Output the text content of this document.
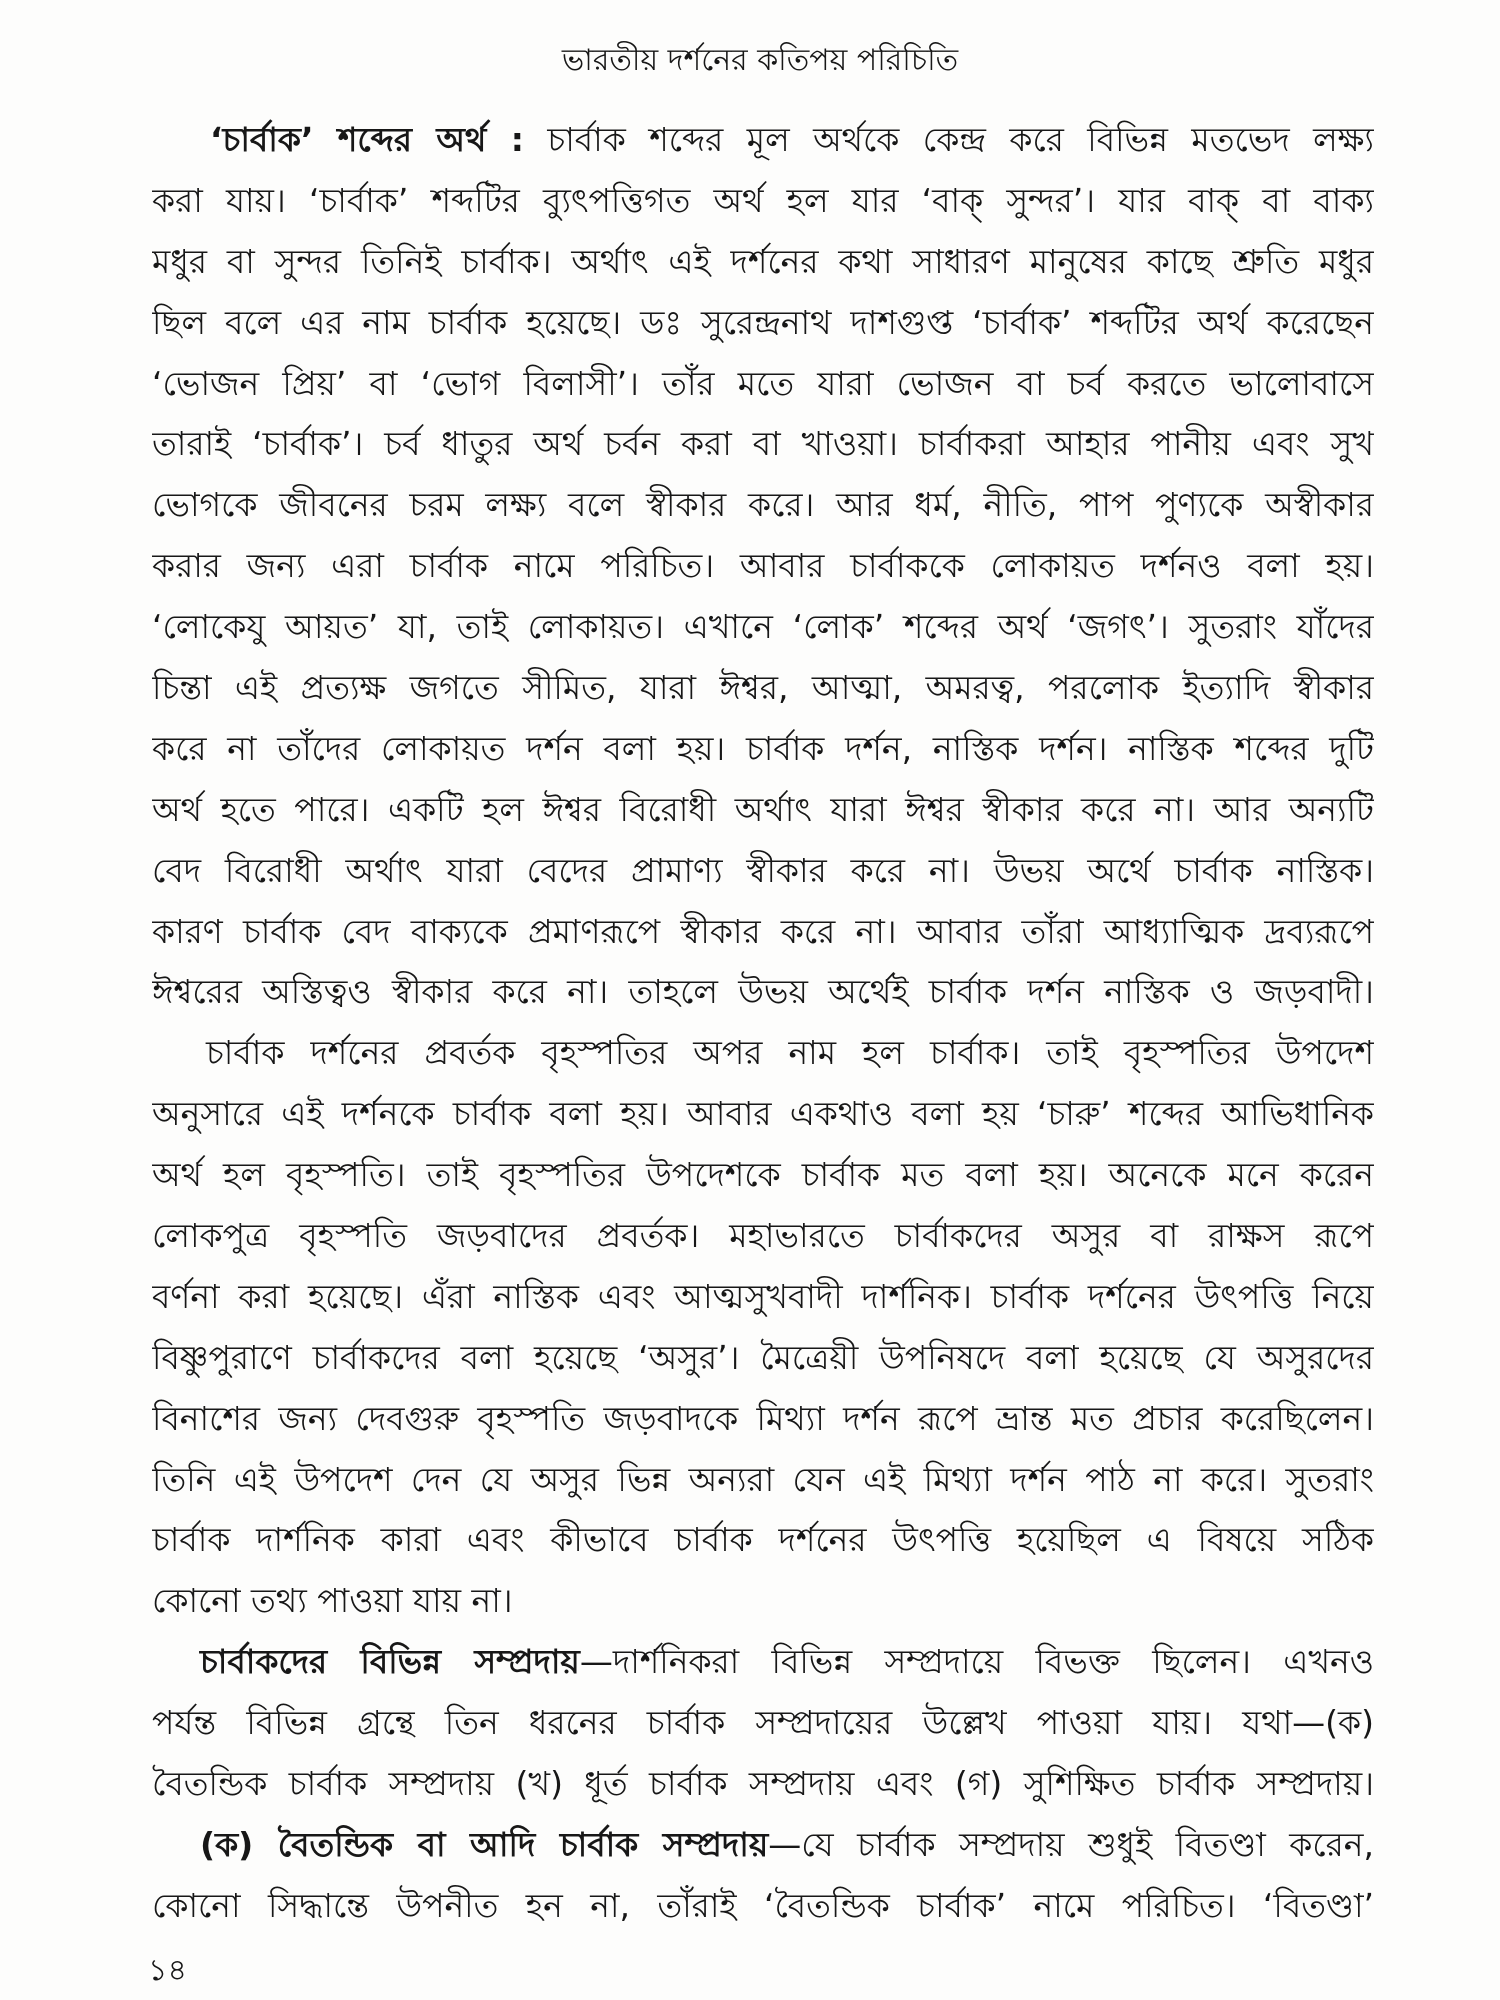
ভারতীয় দর্শনের কতিপয় পরিচিতি
‘চার্বাক’ শব্দের অর্থ : চার্বাক শব্দের মূল অর্থকে কেন্দ্র করে বিভিন্ন মতভেদ লক্ষ্য
করা যায়। ‘চার্বাক’ শব্দটির ব্যুৎপত্তিগত অর্থ হল যার ‘বাক্ সুন্দর’। যার বাক্ বা বাক্য
মধুর বা সুন্দর তিনিই চার্বাক। অর্থাৎ এই দর্শনের কথা সাধারণ মানুষের কাছে শ্রুতি মধুর
ছিল বলে এর নাম চার্বাক হয়েছে। ডঃ সুরেন্দ্রনাথ দাশগুপ্ত ‘চার্বাক’ শব্দটির অর্থ করেছেন
‘ভোজন প্রিয়’ বা ‘ভোগ বিলাসী’। তাঁর মতে যারা ভোজন বা চর্ব করতে ভালোবাসে
তারাই ‘চার্বাক’। চর্ব ধাতুর অর্থ চর্বন করা বা খাওয়া। চার্বাকরা আহার পানীয় এবং সুখ
ভোগকে জীবনের চরম লক্ষ্য বলে স্বীকার করে। আর ধর্ম, নীতি, পাপ পুণ্যকে অস্বীকার
করার জন্য এরা চার্বাক নামে পরিচিত। আবার চার্বাককে লোকায়ত দর্শনও বলা হয়।
‘লোকেযু আয়ত’ যা, তাই লোকায়ত। এখানে ‘লোক’ শব্দের অর্থ ‘জগৎ’। সুতরাং যাঁদের
চিন্তা এই প্রত্যক্ষ জগতে সীমিত, যারা ঈশ্বর, আত্মা, অমরত্ব, পরলোক ইত্যাদি স্বীকার
করে না তাঁদের লোকায়ত দর্শন বলা হয়। চার্বাক দর্শন, নাস্তিক দর্শন। নাস্তিক শব্দের দুটি
অর্থ হতে পারে। একটি হল ঈশ্বর বিরোধী অর্থাৎ যারা ঈশ্বর স্বীকার করে না। আর অন্যটি
বেদ বিরোধী অর্থাৎ যারা বেদের প্রামাণ্য স্বীকার করে না। উভয় অর্থে চার্বাক নাস্তিক।
কারণ চার্বাক বেদ বাক্যকে প্রমাণরূপে স্বীকার করে না। আবার তাঁরা আধ্যাত্মিক দ্রব্যরূপে
ঈশ্বরের অস্তিত্বও স্বীকার করে না। তাহলে উভয় অর্থেই চার্বাক দর্শন নাস্তিক ও জড়বাদী।
চার্বাক দর্শনের প্রবর্তক বৃহস্পতির অপর নাম হল চার্বাক। তাই বৃহস্পতির উপদেশ
অনুসারে এই দর্শনকে চার্বাক বলা হয়। আবার একথাও বলা হয় ‘চারু’ শব্দের আভিধানিক
অর্থ হল বৃহস্পতি। তাই বৃহস্পতির উপদেশকে চার্বাক মত বলা হয়। অনেকে মনে করেন
লোকপুত্র বৃহস্পতি জড়বাদের প্রবর্তক। মহাভারতে চার্বাকদের অসুর বা রাক্ষস রূপে
বর্ণনা করা হয়েছে। এঁরা নাস্তিক এবং আত্মসুখবাদী দার্শনিক। চার্বাক দর্শনের উৎপত্তি নিয়ে
বিষ্ণুপুরাণে চার্বাকদের বলা হয়েছে ‘অসুর’। মৈত্রেয়ী উপনিষদে বলা হয়েছে যে অসুরদের
বিনাশের জন্য দেবগুরু বৃহস্পতি জড়বাদকে মিথ্যা দর্শন রূপে ভ্রান্ত মত প্রচার করেছিলেন।
তিনি এই উপদেশ দেন যে অসুর ভিন্ন অন্যরা যেন এই মিথ্যা দর্শন পাঠ না করে। সুতরাং
চার্বাক দার্শনিক কারা এবং কীভাবে চার্বাক দর্শনের উৎপত্তি হয়েছিল এ বিষয়ে সঠিক
কোনো তথ্য পাওয়া যায় না।
চার্বাকদের বিভিন্ন সম্প্রদায়—দার্শনিকরা বিভিন্ন সম্প্রদায়ে বিভক্ত ছিলেন। এখনও
পর্যন্ত বিভিন্ন গ্রন্থে তিন ধরনের চার্বাক সম্প্রদায়ের উল্লেখ পাওয়া যায়। যথা—(ক)
বৈতন্ডিক চার্বাক সম্প্রদায় (খ) ধূর্ত চার্বাক সম্প্রদায় এবং (গ) সুশিক্ষিত চার্বাক সম্প্রদায়।
(ক) বৈতন্ডিক বা আদি চার্বাক সম্প্রদায়—যে চার্বাক সম্প্রদায় শুধুই বিতণ্ডা করেন,
কোনো সিদ্ধান্তে উপনীত হন না, তাঁরাই ‘বৈতন্ডিক চার্বাক’ নামে পরিচিত। ‘বিতণ্ডা’
১৪
